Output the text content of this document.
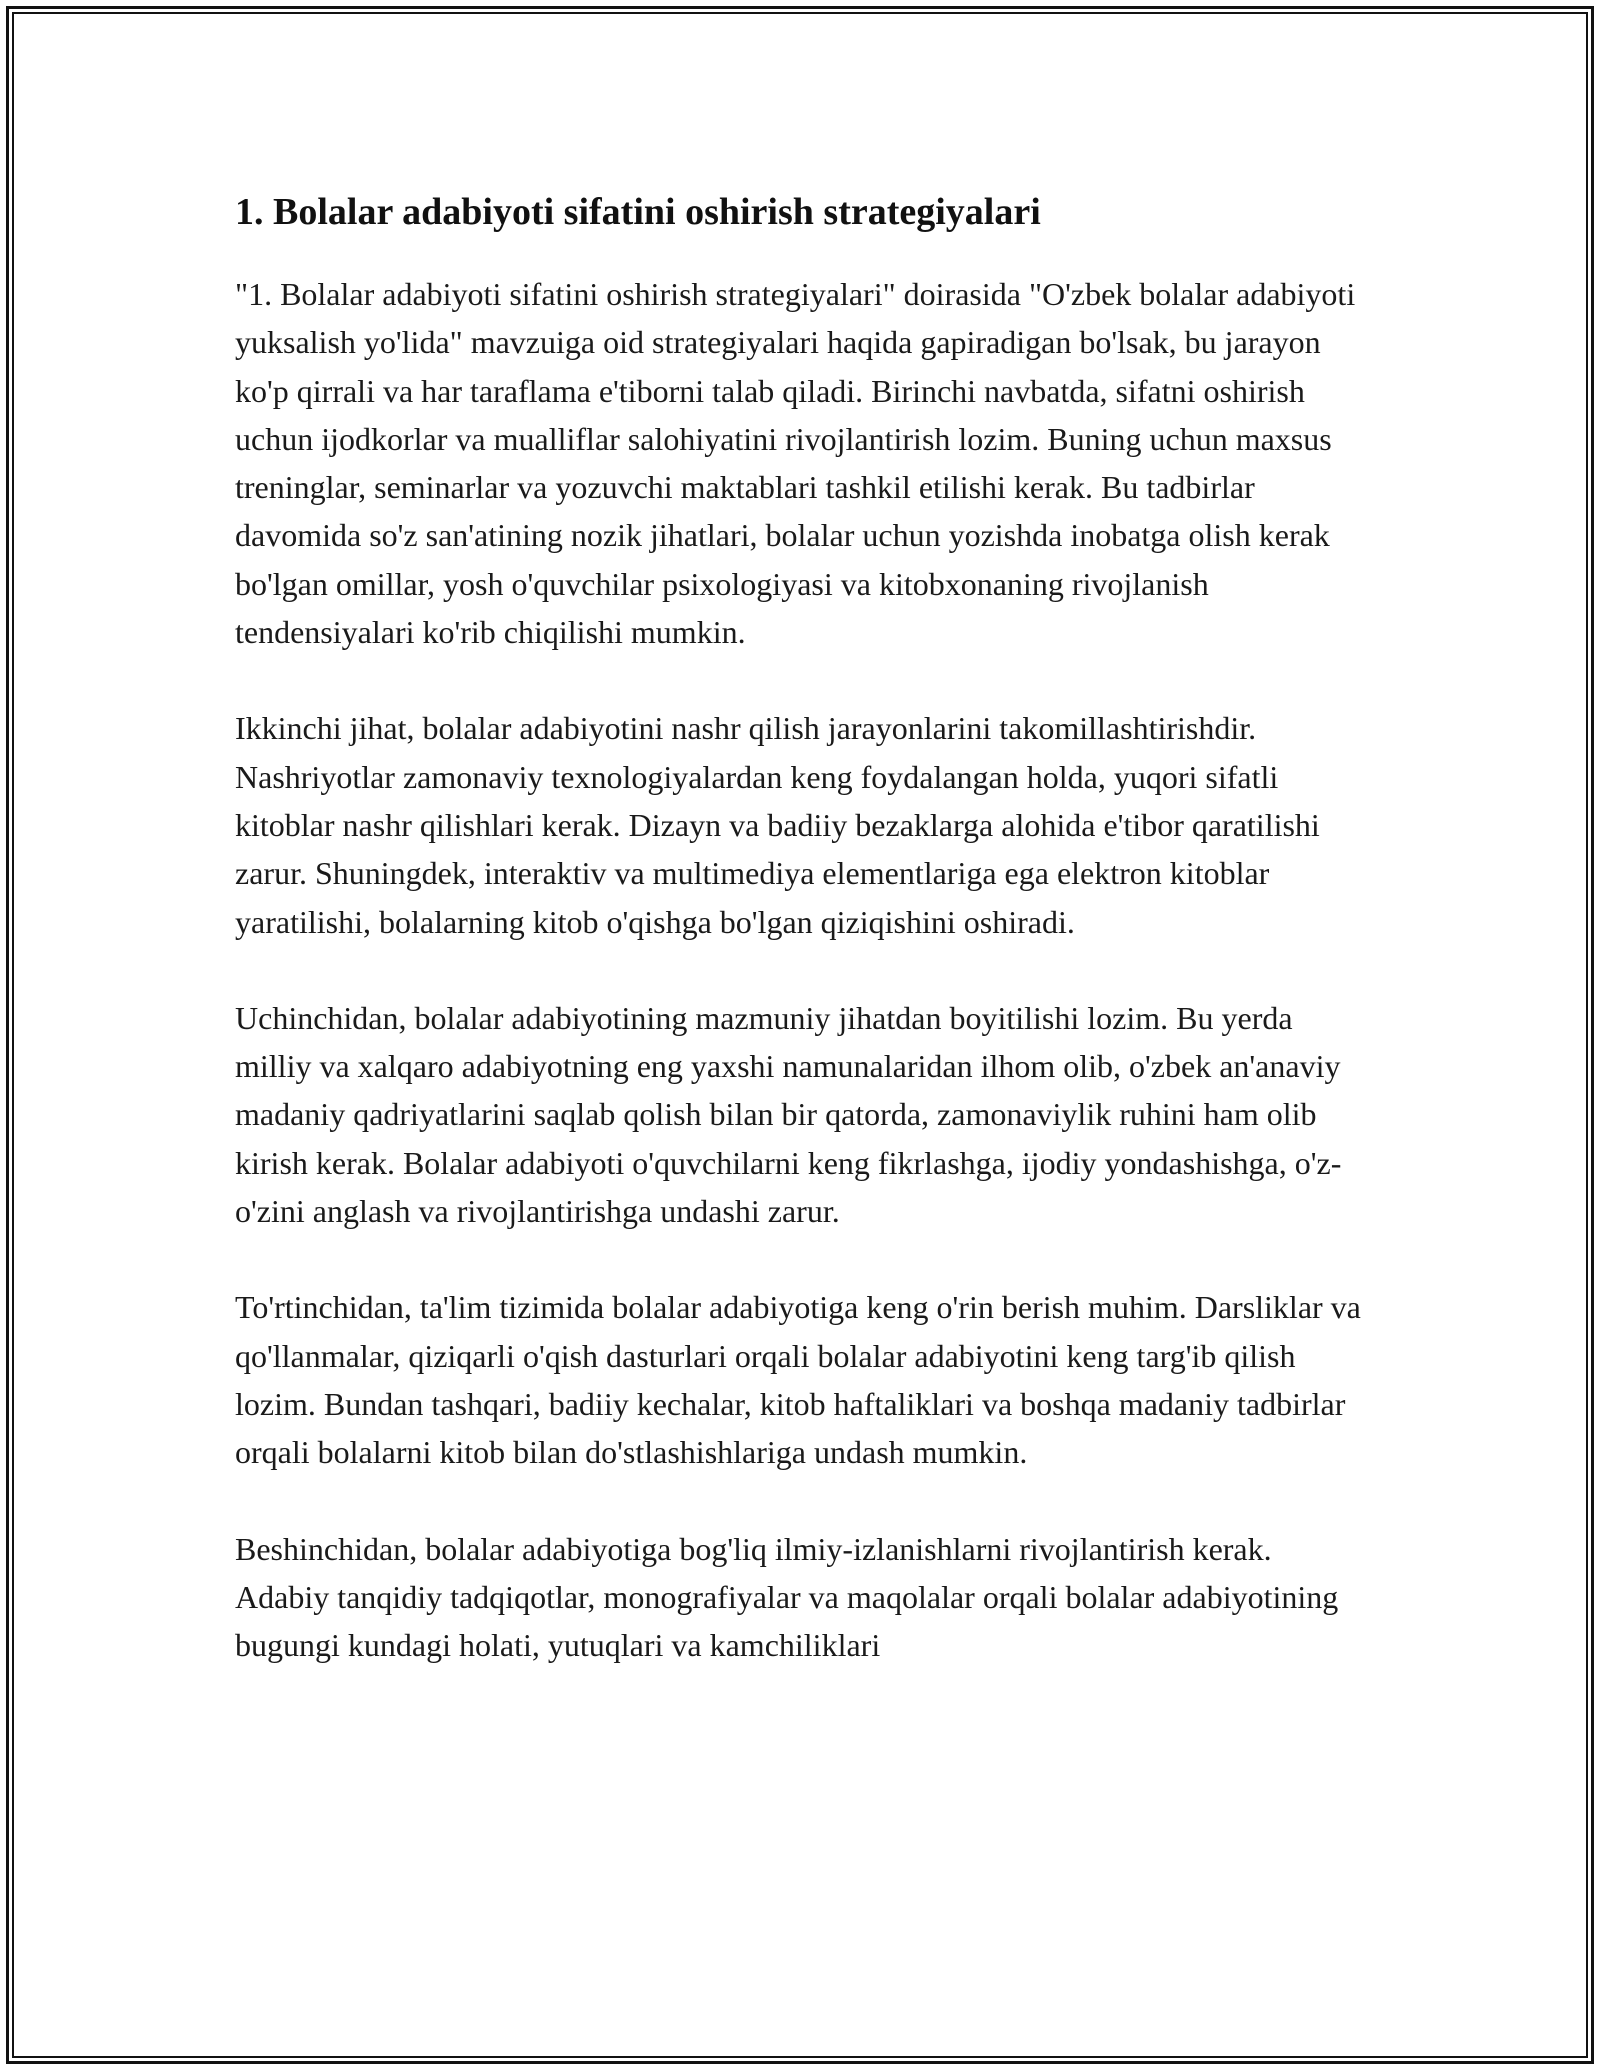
1. Bolalar adabiyoti sifatini oshirish strategiyalari

"1. Bolalar adabiyoti sifatini oshirish strategiyalari" doirasida "O'zbek bolalar adabiyoti yuksalish yo'lida" mavzuiga oid strategiyalari haqida gapiradigan bo'lsak, bu jarayon ko'p qirrali va har taraflama e'tiborni talab qiladi. Birinchi navbatda, sifatni oshirish uchun ijodkorlar va mualliflar salohiyatini rivojlantirish lozim. Buning uchun maxsus treninglar, seminarlar va yozuvchi maktablari tashkil etilishi kerak. Bu tadbirlar davomida so'z san'atining nozik jihatlari, bolalar uchun yozishda inobatga olish kerak bo'lgan omillar, yosh o'quvchilar psixologiyasi va kitobxonaning rivojlanish tendensiyalari ko'rib chiqilishi mumkin.

Ikkinchi jihat, bolalar adabiyotini nashr qilish jarayonlarini takomillashtirishdir. Nashriyotlar zamonaviy texnologiyalardan keng foydalangan holda, yuqori sifatli kitoblar nashr qilishlari kerak. Dizayn va badiiy bezaklarga alohida e'tibor qaratilishi zarur. Shuningdek, interaktiv va multimediya elementlariga ega elektron kitoblar yaratilishi, bolalarning kitob o'qishga bo'lgan qiziqishini oshiradi.

Uchinchidan, bolalar adabiyotining mazmuniy jihatdan boyitilishi lozim. Bu yerda milliy va xalqaro adabiyotning eng yaxshi namunalaridan ilhom olib, o'zbek an'anaviy madaniy qadriyatlarini saqlab qolish bilan bir qatorda, zamonaviylik ruhini ham olib kirish kerak. Bolalar adabiyoti o'quvchilarni keng fikrlashga, ijodiy yondashishga, o'z-o'zini anglash va rivojlantirishga undashi zarur.

To'rtinchidan, ta'lim tizimida bolalar adabiyotiga keng o'rin berish muhim. Darsliklar va qo'llanmalar, qiziqarli o'qish dasturlari orqali bolalar adabiyotini keng targ'ib qilish lozim. Bundan tashqari, badiiy kechalar, kitob haftaliklari va boshqa madaniy tadbirlar orqali bolalarni kitob bilan do'stlashishlariga undash mumkin.

Beshinchidan, bolalar adabiyotiga bog'liq ilmiy-izlanishlarni rivojlantirish kerak. Adabiy tanqidiy tadqiqotlar, monografiyalar va maqolalar orqali bolalar adabiyotining bugungi kundagi holati, yutuqlari va kamchiliklari
